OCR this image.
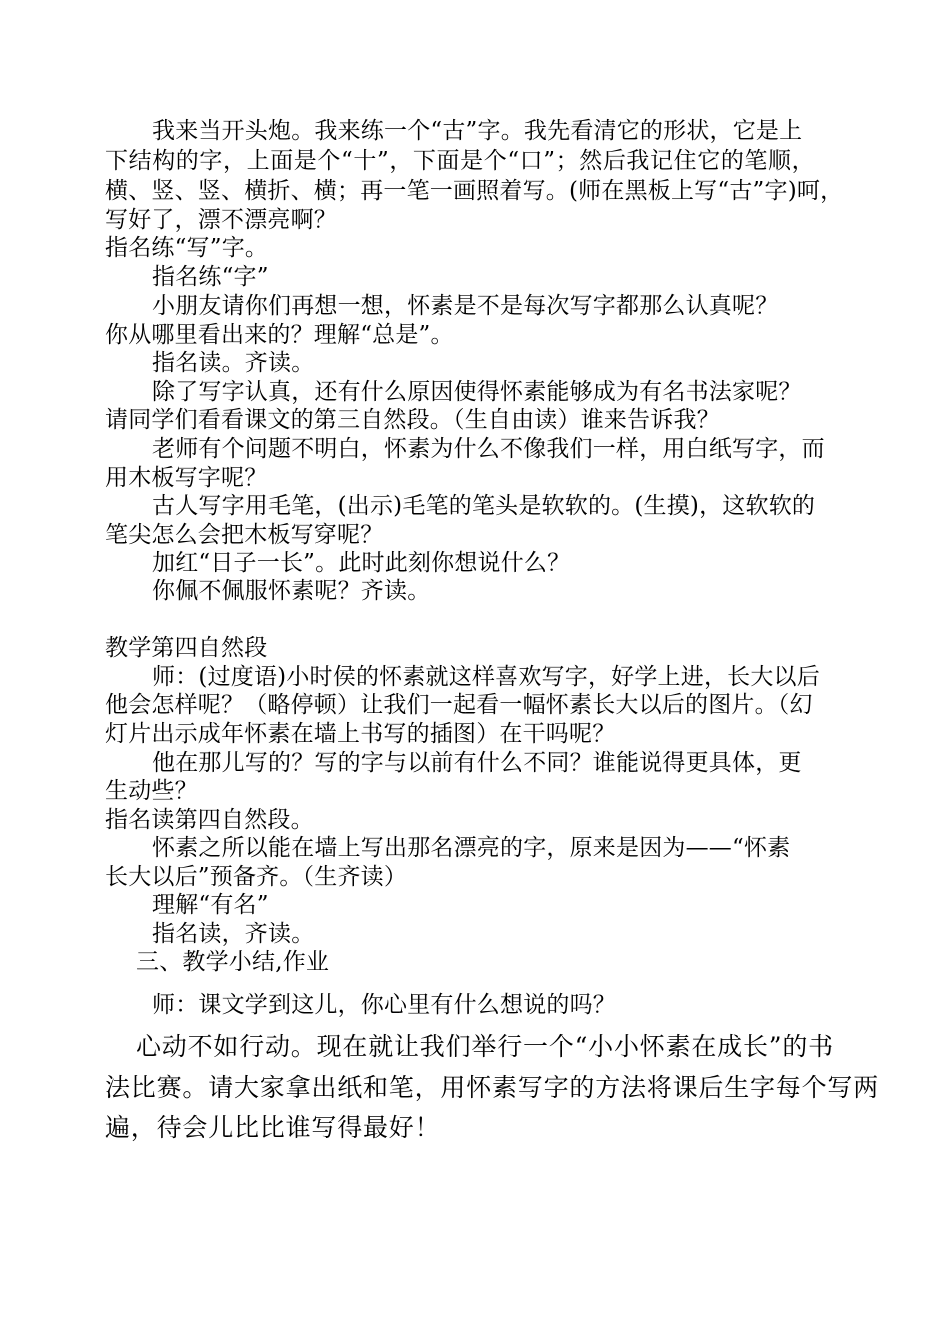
我来当开头炮。我来练一个“古”字。我先看清它的形状，它是上
下结构的字，上面是个“十”，下面是个“口”；然后我记住它的笔顺，
横、竖、竖、横折、横；再一笔一画照着写。(师在黑板上写“古”字)呵，
写好了，漂不漂亮啊？
指名练“写”字。
指名练“字”
小朋友请你们再想一想，怀素是不是每次写字都那么认真呢？
你从哪里看出来的？理解“总是”。
指名读。齐读。
除了写字认真，还有什么原因使得怀素能够成为有名书法家呢？
请同学们看看课文的第三自然段。（生自由读）谁来告诉我？
老师有个问题不明白，怀素为什么不像我们一样，用白纸写字，而
用木板写字呢？
古人写字用毛笔，(出示)毛笔的笔头是软软的。(生摸)，这软软的
笔尖怎么会把木板写穿呢？
加红“日子一长”。此时此刻你想说什么？
你佩不佩服怀素呢？齐读。
教学第四自然段
师：(过度语)小时侯的怀素就这样喜欢写字，好学上进，长大以后
他会怎样呢？（略停顿）让我们一起看一幅怀素长大以后的图片。（幻
灯片出示成年怀素在墙上书写的插图）在干吗呢？
他在那儿写的？写的字与以前有什么不同？谁能说得更具体，更
生动些？
指名读第四自然段。
怀素之所以能在墙上写出那名漂亮的字，原来是因为——“怀素
长大以后”预备齐。（生齐读）
理解“有名”
指名读，齐读。
三、教学小结,作业
师：课文学到这儿，你心里有什么想说的吗？
心动不如行动。现在就让我们举行一个“小小怀素在成长”的书
法比赛。请大家拿出纸和笔，用怀素写字的方法将课后生字每个写两
遍，待会儿比比谁写得最好！
